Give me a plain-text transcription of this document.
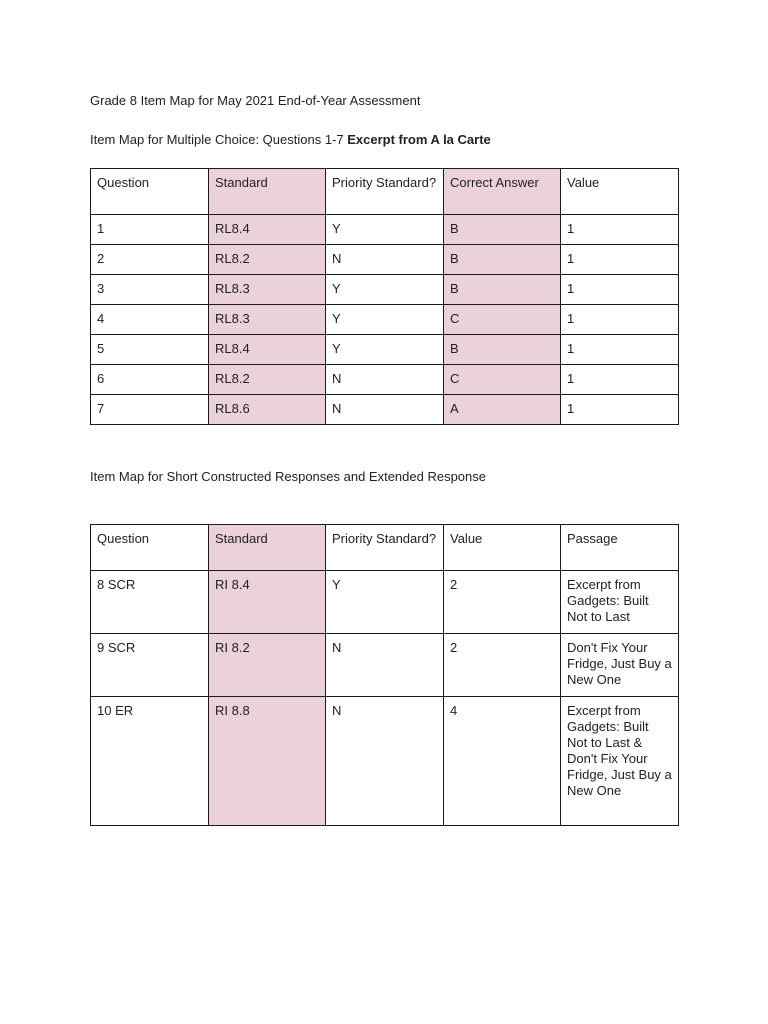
Grade 8 Item Map for May 2021 End-of-Year Assessment
Item Map for Multiple Choice: Questions 1-7 Excerpt from A la Carte
Question	Standard	Priority Standard?	Correct Answer	Value
1	RL8.4	Y	B	1
2	RL8.2	N	B	1
3	RL8.3	Y	B	1
4	RL8.3	Y	C	1
5	RL8.4	Y	B	1
6	RL8.2	N	C	1
7	RL8.6	N	A	1
Item Map for Short Constructed Responses and Extended Response
Question	Standard	Priority Standard?	Value	Passage
8 SCR	RI 8.4	Y	2	Excerpt from Gadgets: Built Not to Last
9 SCR	RI 8.2	N	2	Don't Fix Your Fridge, Just Buy a New One
10 ER	RI 8.8	N	4	Excerpt from Gadgets: Built Not to Last & Don't Fix Your Fridge, Just Buy a New One
